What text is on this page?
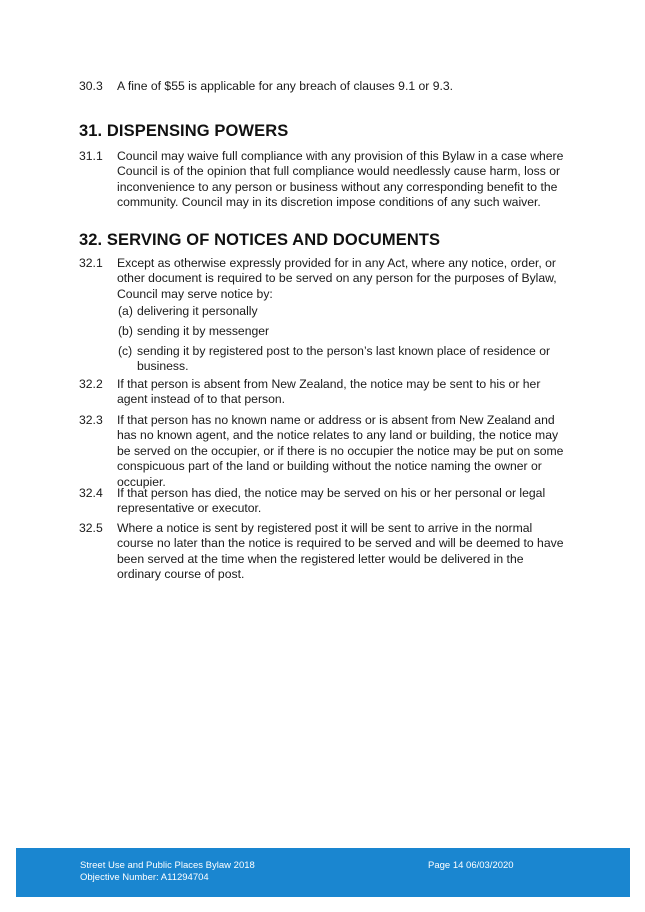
30.3 A fine of $55 is applicable for any breach of clauses 9.1 or 9.3.
31. DISPENSING POWERS
31.1 Council may waive full compliance with any provision of this Bylaw in a case where Council is of the opinion that full compliance would needlessly cause harm, loss or inconvenience to any person or business without any corresponding benefit to the community. Council may in its discretion impose conditions of any such waiver.
32. SERVING OF NOTICES AND DOCUMENTS
32.1 Except as otherwise expressly provided for in any Act, where any notice, order, or other document is required to be served on any person for the purposes of Bylaw, Council may serve notice by:
(a) delivering it personally
(b) sending it by messenger
(c) sending it by registered post to the person’s last known place of residence or business.
32.2 If that person is absent from New Zealand, the notice may be sent to his or her agent instead of to that person.
32.3 If that person has no known name or address or is absent from New Zealand and has no known agent, and the notice relates to any land or building, the notice may be served on the occupier, or if there is no occupier the notice may be put on some conspicuous part of the land or building without the notice naming the owner or occupier.
32.4 If that person has died, the notice may be served on his or her personal or legal representative or executor.
32.5 Where a notice is sent by registered post it will be sent to arrive in the normal course no later than the notice is required to be served and will be deemed to have been served at the time when the registered letter would be delivered in the ordinary course of post.
Street Use and Public Places Bylaw 2018
Objective Number: A11294704
Page 14 06/03/2020
